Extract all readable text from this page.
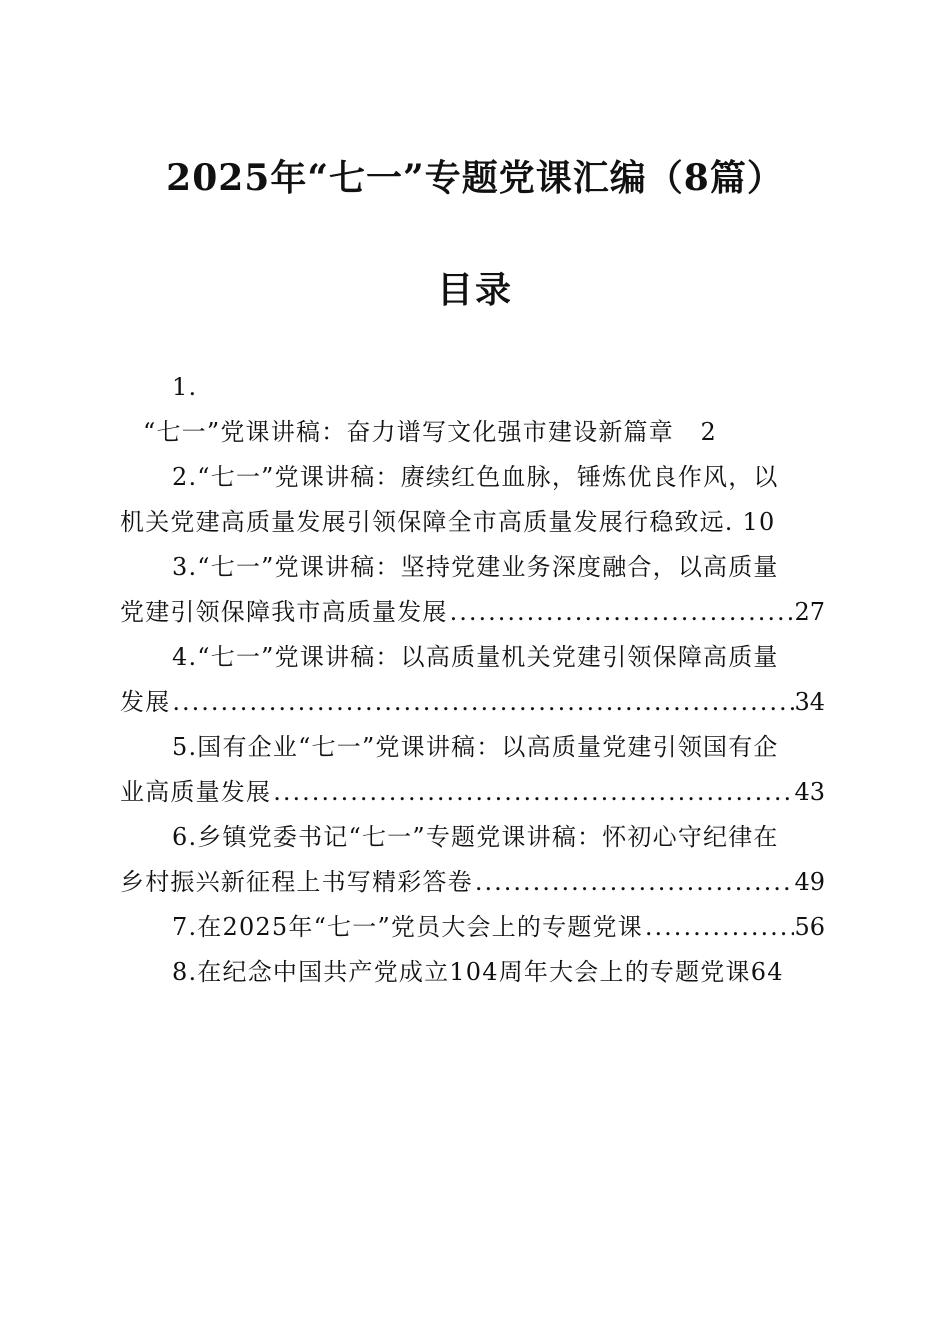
2025年“七一”专题党课汇编（8篇）
目录
1.
“七一”党课讲稿：奋力谱写文化强市建设新篇章 2
2.“七一”党课讲稿：赓续红色血脉，锤炼优良作风，以
机关党建高质量发展引领保障全市高质量发展行稳致远. 10
3.“七一”党课讲稿：坚持党建业务深度融合，以高质量
党建引领保障我市高质量发展 .....	27
4.“七一”党课讲稿：以高质量机关党建引领保障高质量
发展 .....	34
5.国有企业“七一”党课讲稿：以高质量党建引领国有企
业高质量发展 .....	43
6.乡镇党委书记“七一”专题党课讲稿：怀初心守纪律在
乡村振兴新征程上书写精彩答卷 .....	49
7.在2025年“七一”党员大会上的专题党课 .....	56
8.在纪念中国共产党成立104周年大会上的专题党课64
